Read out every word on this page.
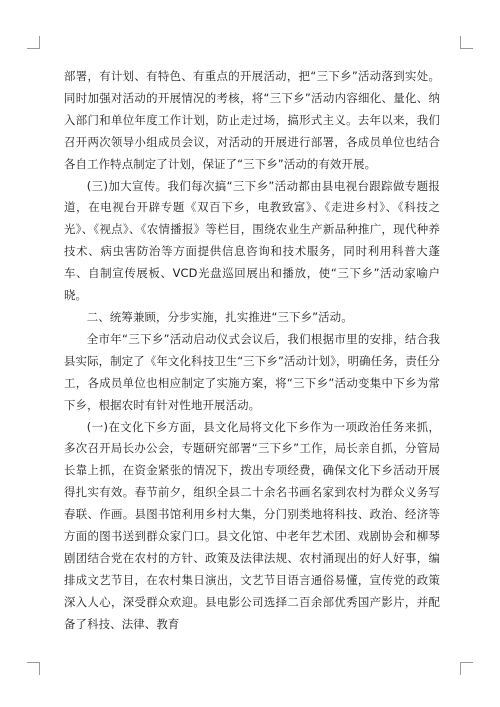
部署，有计划、有特色、有重点的开展活动，把“三下乡”活动落到实处。同时加强对活动的开展情况的考核，将“三下乡”活动内容细化、量化、纳入部门和单位年度工作计划，防止走过场，搞形式主义。去年以来，我们召开两次领导小组成员会议，对活动的开展进行部署，各成员单位也结合各自工作特点制定了计划，保证了“三下乡”活动的有效开展。

(三)加大宣传。我们每次搞“三下乡”活动都由县电视台跟踪做专题报道，在电视台开辟专题《双百下乡，电教致富》、《走进乡村》、《科技之光》、《视点》、《农情播报》等栏目，围绕农业生产新品种推广，现代种养技术、病虫害防治等方面提供信息咨询和技术服务，同时利用科普大蓬车、自制宣传展板、VCD光盘巡回展出和播放，使“三下乡”活动家喻户晓。

二、统筹兼顾，分步实施，扎实推进“三下乡”活动。

全市年“三下乡”活动启动仪式会议后，我们根据市里的安排，结合我县实际，制定了《年文化科技卫生“三下乡”活动计划》，明确任务，责任分工，各成员单位也相应制定了实施方案，将“三下乡”活动变集中下乡为常下乡，根据农时有针对性地开展活动。

(一)在文化下乡方面，县文化局将文化下乡作为一项政治任务来抓，多次召开局长办公会，专题研究部署“三下乡”工作，局长亲自抓，分管局长靠上抓，在资金紧张的情况下，拨出专项经费，确保文化下乡活动开展得扎实有效。春节前夕，组织全县二十余名书画名家到农村为群众义务写春联、作画。县图书馆利用乡村大集，分门别类地将科技、政治、经济等方面的图书送到群众家门口。县文化馆、中老年艺术团、戏剧协会和柳琴剧团结合党在农村的方针、政策及法律法规、农村涌现出的好人好事，编排成文艺节目，在农村集日演出，文艺节目语言通俗易懂，宣传党的政策深入人心，深受群众欢迎。县电影公司选择二百余部优秀国产影片，并配备了科技、法律、教育
